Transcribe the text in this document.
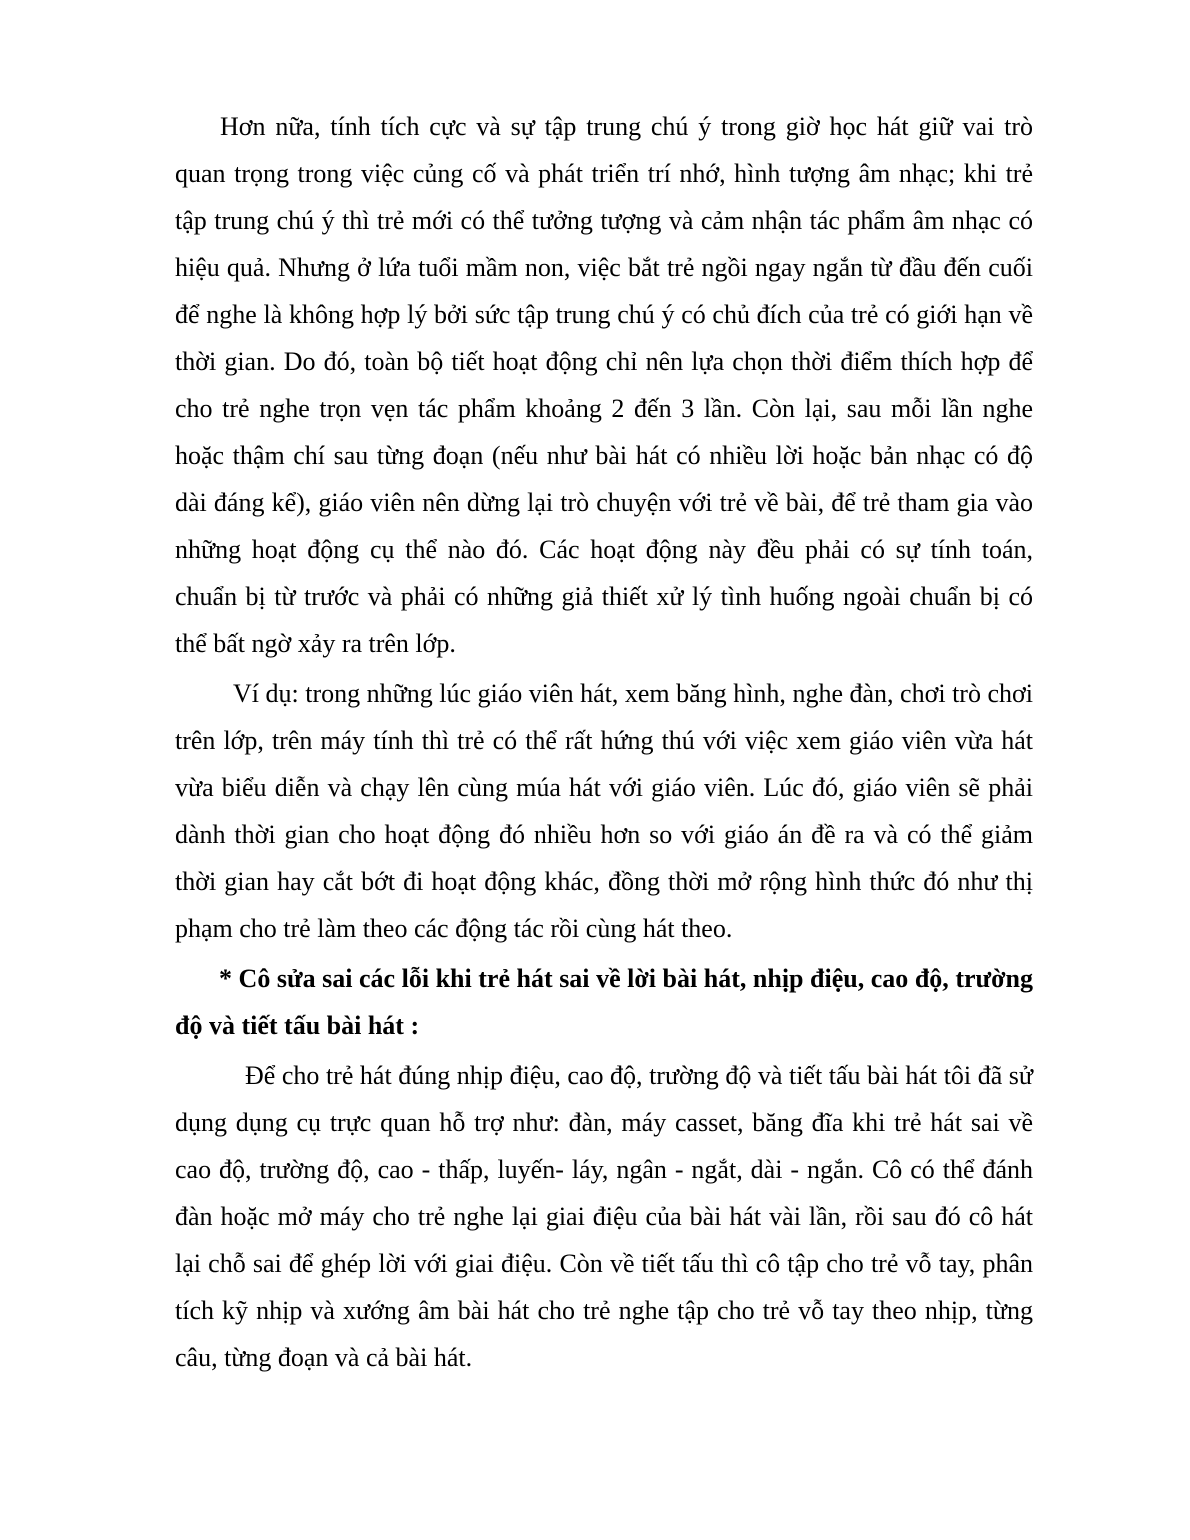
Hơn nữa, tính tích cực và sự tập trung chú ý trong giờ học hát giữ vai trò quan trọng trong việc củng cố và phát triển trí nhớ, hình tượng âm nhạc; khi trẻ tập trung chú ý thì trẻ mới có thể tưởng tượng và cảm nhận tác phẩm âm nhạc có hiệu quả. Nhưng ở lứa tuổi mầm non, việc bắt trẻ ngồi ngay ngắn từ đầu đến cuối để nghe là không hợp lý bởi sức tập trung chú ý có chủ đích của trẻ có giới hạn về thời gian. Do đó, toàn bộ tiết hoạt động chỉ nên lựa chọn thời điểm thích hợp để cho trẻ nghe trọn vẹn tác phẩm khoảng 2 đến 3 lần. Còn lại, sau mỗi lần nghe hoặc thậm chí sau từng đoạn (nếu như bài hát có nhiều lời hoặc bản nhạc có độ dài đáng kể), giáo viên nên dừng lại trò chuyện với trẻ về bài, để trẻ tham gia vào những hoạt động cụ thể nào đó. Các hoạt động này đều phải có sự tính toán, chuẩn bị từ trước và phải có những giả thiết xử lý tình huống ngoài chuẩn bị có thể bất ngờ xảy ra trên lớp.

Ví dụ: trong những lúc giáo viên hát, xem băng hình, nghe đàn, chơi trò chơi trên lớp, trên máy tính thì trẻ có thể rất hứng thú với việc xem giáo viên vừa hát vừa biểu diễn và chạy lên cùng múa hát với giáo viên. Lúc đó, giáo viên sẽ phải dành thời gian cho hoạt động đó nhiều hơn so với giáo án đề ra và có thể giảm thời gian hay cắt bớt đi hoạt động khác, đồng thời mở rộng hình thức đó như thị phạm cho trẻ làm theo các động tác rồi cùng hát theo.

* Cô sửa sai các lỗi khi trẻ hát sai về lời bài hát, nhịp điệu, cao độ, trường độ và tiết tấu bài hát :

Để cho trẻ hát đúng nhịp điệu, cao độ, trường độ và tiết tấu bài hát tôi đã sử dụng dụng cụ trực quan hỗ trợ như: đàn, máy casset, băng đĩa khi trẻ hát sai về cao độ, trường độ, cao - thấp, luyến- láy, ngân - ngắt, dài - ngắn. Cô có thể đánh đàn hoặc mở máy cho trẻ nghe lại giai điệu của bài hát vài lần, rồi sau đó cô hát lại chỗ sai để ghép lời với giai điệu. Còn về tiết tấu thì cô tập cho trẻ vỗ tay, phân tích kỹ nhịp và xướng âm bài hát cho trẻ nghe tập cho trẻ vỗ tay theo nhịp, từng câu, từng đoạn và cả bài hát.
